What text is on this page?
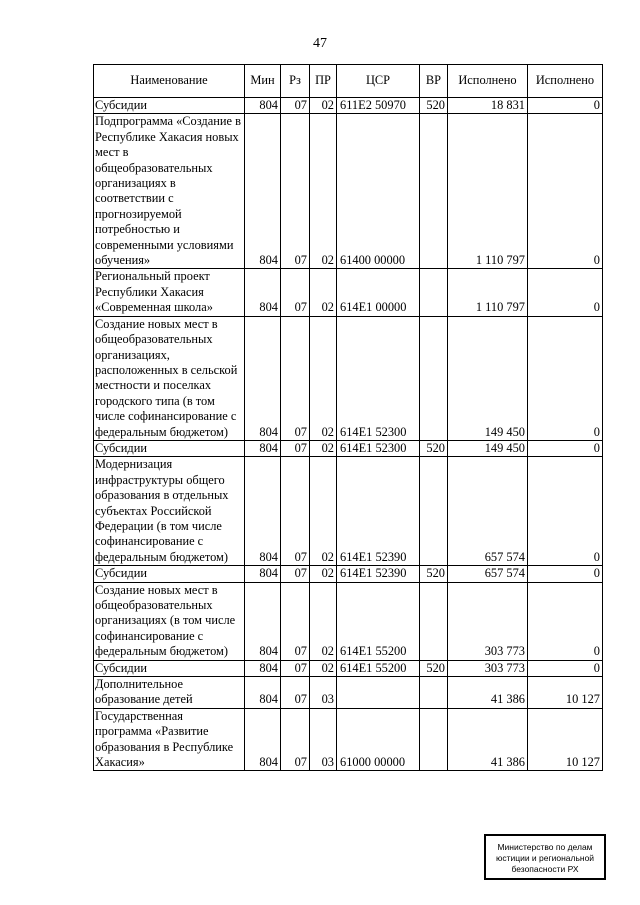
47
Наименование	Мин	Рз	ПР	ЦСР	ВР	Исполнено	Исполнено
Субсидии	804	07	02	611Е2 50970	520	18 831	0
Подпрограмма «Создание в Республике Хакасия новых мест в общеобразовательных организациях в соответствии с прогнозируемой потребностью и современными условиями обучения»	804	07	02	61400 00000		1 110 797	0
Региональный проект Республики Хакасия «Современная школа»	804	07	02	614Е1 00000		1 110 797	0
Создание новых мест в общеобразовательных организациях, расположенных в сельской местности и поселках городского типа (в том числе софинансирование с федеральным бюджетом)	804	07	02	614Е1 52300		149 450	0
Субсидии	804	07	02	614Е1 52300	520	149 450	0
Модернизация инфраструктуры общего образования в отдельных субъектах Российской Федерации (в том числе софинансирование с федеральным бюджетом)	804	07	02	614Е1 52390		657 574	0
Субсидии	804	07	02	614Е1 52390	520	657 574	0
Создание новых мест в общеобразовательных организациях (в том числе софинансирование с федеральным бюджетом)	804	07	02	614Е1 55200		303 773	0
Субсидии	804	07	02	614Е1 55200	520	303 773	0
Дополнительное образование детей	804	07	03			41 386	10 127
Государственная программа «Развитие образования в Республике Хакасия»	804	07	03	61000 00000		41 386	10 127
Министерство по делам
юстиции и региональной
безопасности РХ
